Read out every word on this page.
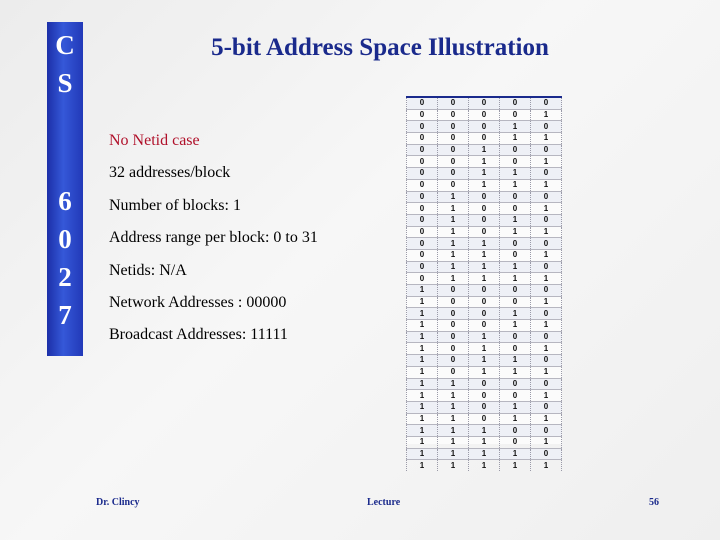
C
S
6
0
2
7
5-bit Address Space Illustration
No Netid case
32 addresses/block
Number of blocks: 1
Address range per block: 0 to 31
Netids: N/A
Network Addresses : 00000
Broadcast Addresses: 11111
0	0	0	0	0
0	0	0	0	1
0	0	0	1	0
0	0	0	1	1
0	0	1	0	0
0	0	1	0	1
0	0	1	1	0
0	0	1	1	1
0	1	0	0	0
0	1	0	0	1
0	1	0	1	0
0	1	0	1	1
0	1	1	0	0
0	1	1	0	1
0	1	1	1	0
0	1	1	1	1
1	0	0	0	0
1	0	0	0	1
1	0	0	1	0
1	0	0	1	1
1	0	1	0	0
1	0	1	0	1
1	0	1	1	0
1	0	1	1	1
1	1	0	0	0
1	1	0	0	1
1	1	0	1	0
1	1	0	1	1
1	1	1	0	0
1	1	1	0	1
1	1	1	1	0
1	1	1	1	1
Dr. Clincy	Lecture	56
